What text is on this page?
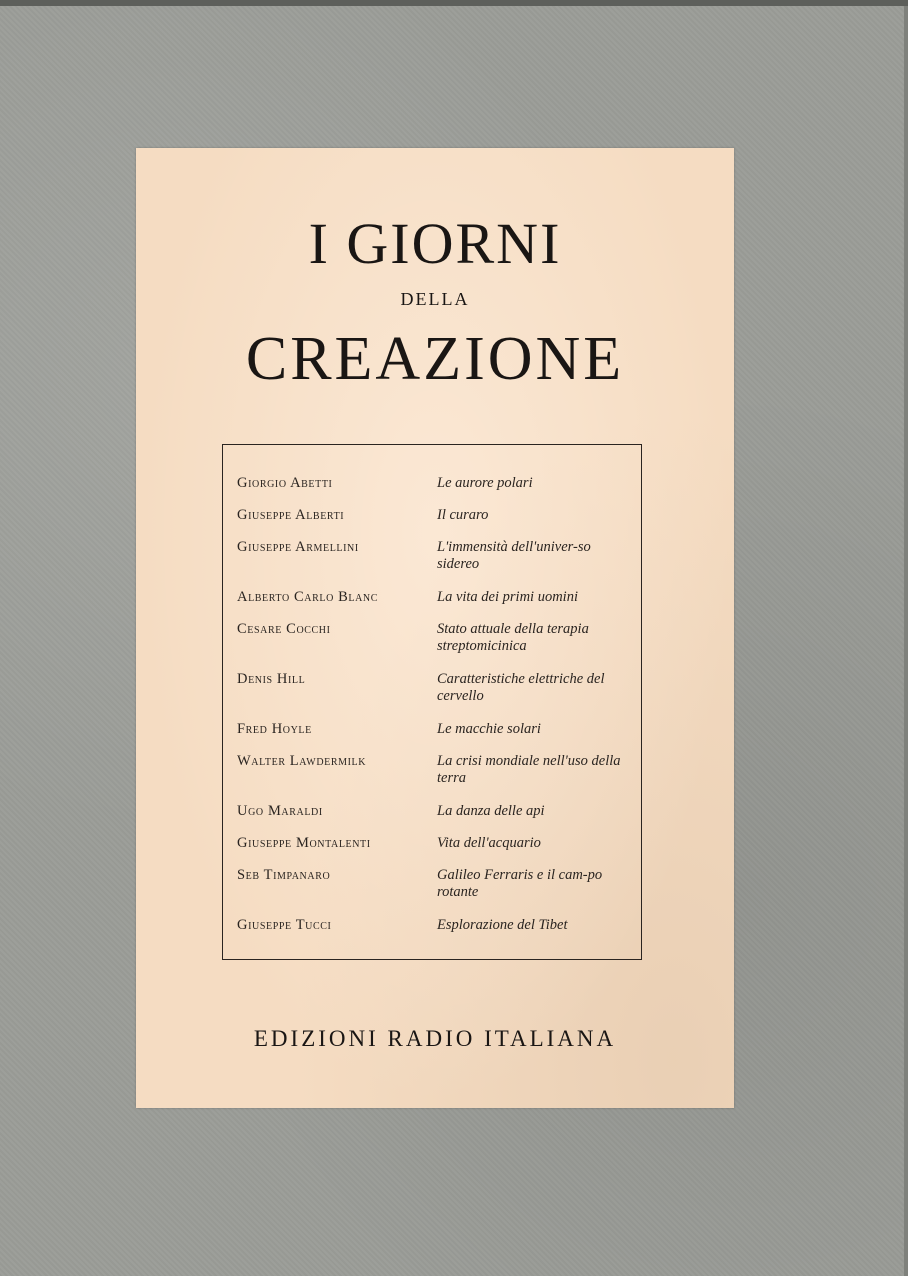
I GIORNI
della
CREAZIONE
Giorgio Abetti	Le aurore polari
Giuseppe Alberti	Il curaro
Giuseppe Armellini	L'immensità dell'univer-so sidereo
Alberto Carlo Blanc	La vita dei primi uomini
Cesare Cocchi	Stato attuale della terapia streptomicinica
Denis Hill	Caratteristiche elettriche del cervello
Fred Hoyle	Le macchie solari
Walter Lawdermilk	La crisi mondiale nell'uso della terra
Ugo Maraldi	La danza delle api
Giuseppe Montalenti	Vita dell'acquario
Seb Timpanaro	Galileo Ferraris e il cam-po rotante
Giuseppe Tucci	Esplorazione del Tibet
EDIZIONI RADIO ITALIANA
